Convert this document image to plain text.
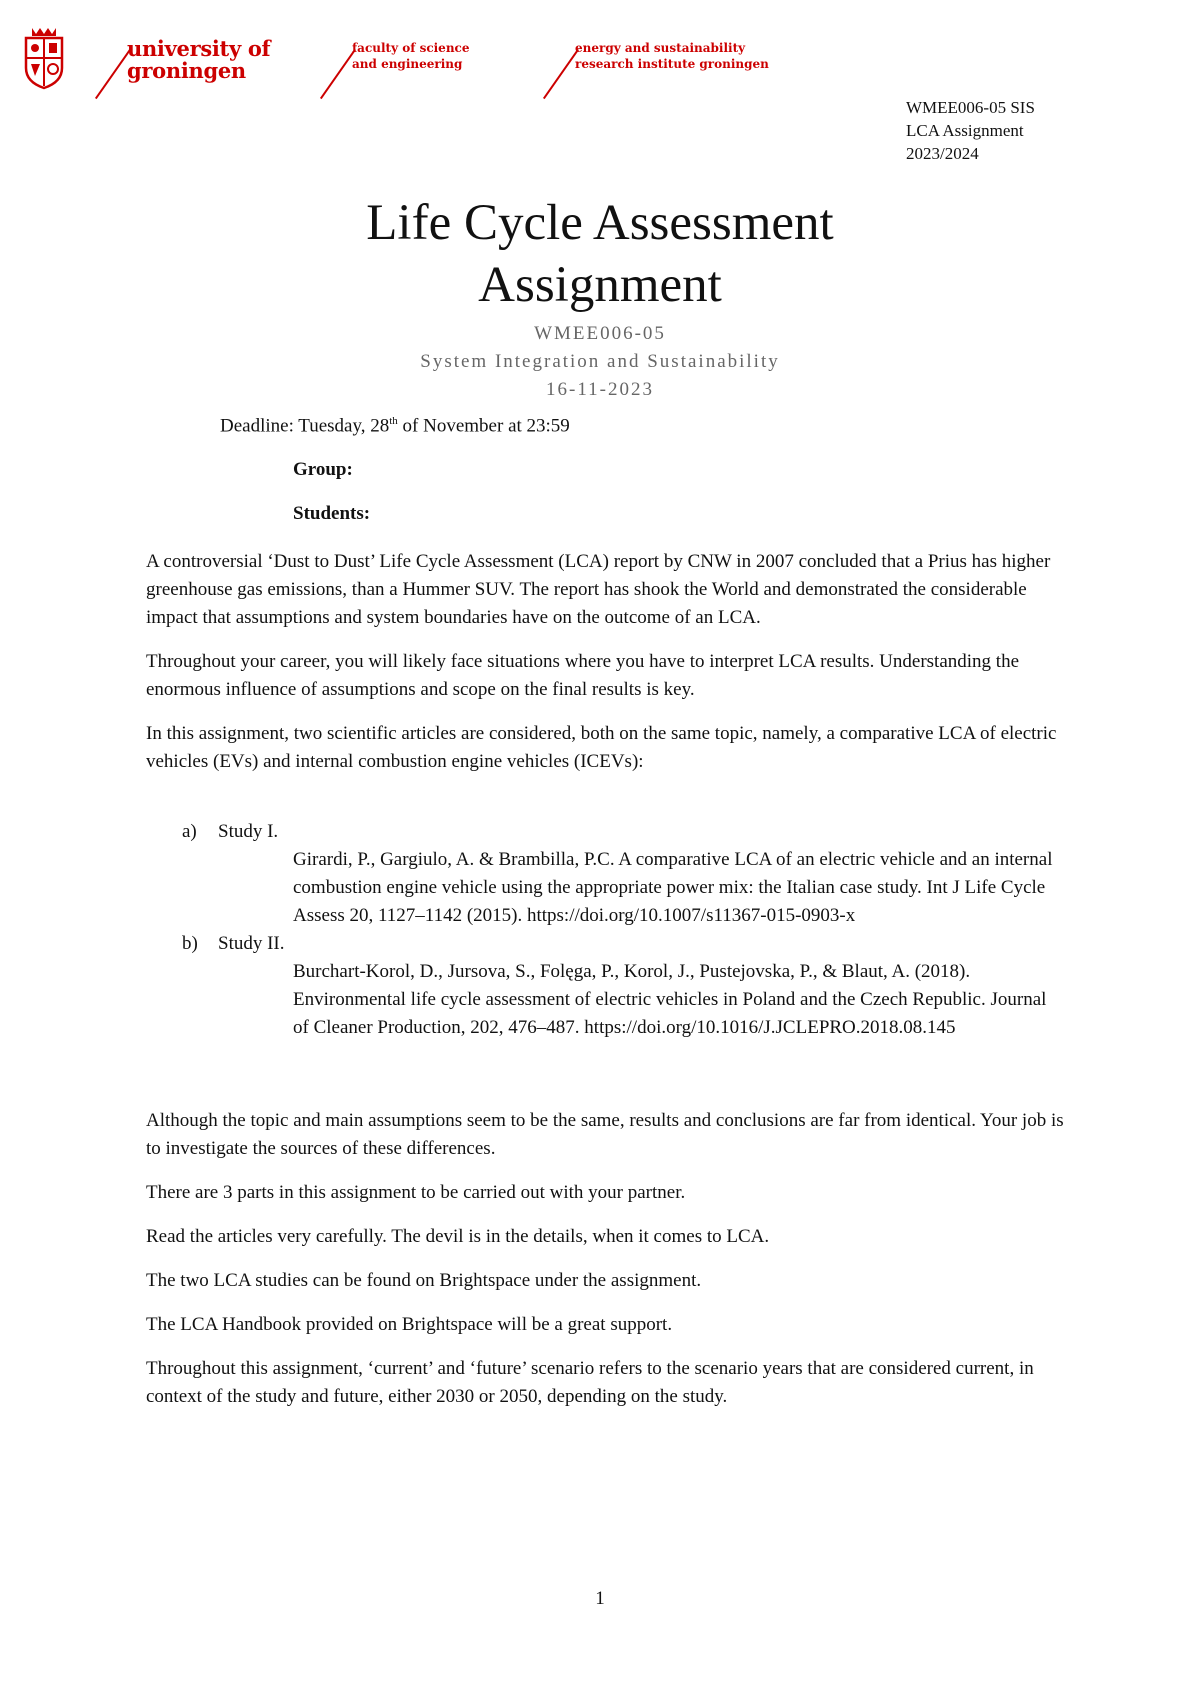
university of
groningen
faculty of science
and engineering
energy and sustainability
research institute groningen
WMEE006-05 SIS
LCA Assignment
2023/2024
Life Cycle Assessment
Assignment
WMEE006-05
System Integration and Sustainability
16-11-2023
Deadline: Tuesday, 28th of November at 23:59
Group:
Students:

A controversial ‘Dust to Dust’ Life Cycle Assessment (LCA) report by CNW in 2007 concluded that a Prius has higher greenhouse gas emissions, than a Hummer SUV. The report has shook the World and demonstrated the considerable impact that assumptions and system boundaries have on the outcome of an LCA.

Throughout your career, you will likely face situations where you have to interpret LCA results. Understanding the enormous influence of assumptions and scope on the final results is key.

In this assignment, two scientific articles are considered, both on the same topic, namely, a comparative LCA of electric vehicles (EVs) and internal combustion engine vehicles (ICEVs):

a) Study I.
Girardi, P., Gargiulo, A. & Brambilla, P.C. A comparative LCA of an electric vehicle and an internal combustion engine vehicle using the appropriate power mix: the Italian case study. Int J Life Cycle Assess 20, 1127–1142 (2015). https://doi.org/10.1007/s11367-015-0903-x
b) Study II.
Burchart-Korol, D., Jursova, S., Folęga, P., Korol, J., Pustejovska, P., & Blaut, A. (2018). Environmental life cycle assessment of electric vehicles in Poland and the Czech Republic. Journal of Cleaner Production, 202, 476–487. https://doi.org/10.1016/J.JCLEPRO.2018.08.145

Although the topic and main assumptions seem to be the same, results and conclusions are far from identical. Your job is to investigate the sources of these differences.

There are 3 parts in this assignment to be carried out with your partner.

Read the articles very carefully. The devil is in the details, when it comes to LCA.

The two LCA studies can be found on Brightspace under the assignment.

The LCA Handbook provided on Brightspace will be a great support.

Throughout this assignment, ‘current’ and ‘future’ scenario refers to the scenario years that are considered current, in context of the study and future, either 2030 or 2050, depending on the study.

1
